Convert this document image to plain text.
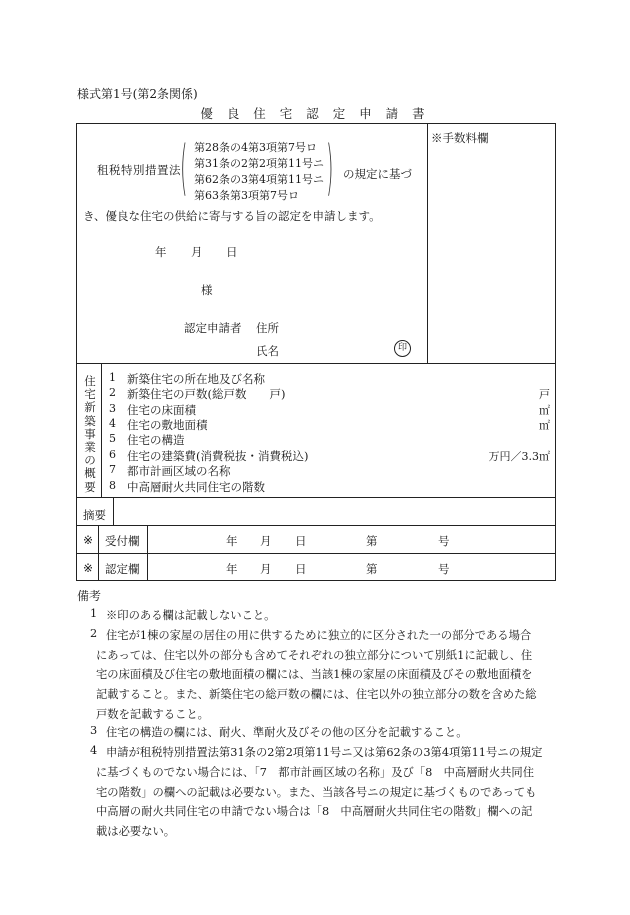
様式第1号(第2条関係)
優 良 住 宅 認 定 申 請 書
※手数料欄
租税特別措置法 ( 第28条の4第3項第7号ロ
第31条の2第2項第11号ニ
第62条の3第4項第11号ニ
第63条第3項第7号ロ ) の規定に基づ
き、優良な住宅の供給に寄与する旨の認定を申請します。
年 月 日
様
認定申請者 住所
氏名	印
住宅新築事業の概要
1 新築住宅の所在地及び名称
2 新築住宅の戸数(総戸数　　戸)	戸
3 住宅の床面積	㎡
4 住宅の敷地面積	㎡
5 住宅の構造
6 住宅の建築費(消費税抜・消費税込)	万円／3.3㎡
7 都市計画区域の名称
8 中高層耐火共同住宅の階数
摘要
※ 受付欄	年 月 日	第	号
※ 認定欄	年 月 日	第	号
備考
1 ※印のある欄は記載しないこと。
2 住宅が1棟の家屋の居住の用に供するために独立的に区分された一の部分である場合
にあっては、住宅以外の部分も含めてそれぞれの独立部分について別紙1に記載し、住
宅の床面積及び住宅の敷地面積の欄には、当該1棟の家屋の床面積及びその敷地面積を
記載すること。また、新築住宅の総戸数の欄には、住宅以外の独立部分の数を含めた総
戸数を記載すること。
3 住宅の構造の欄には、耐火、準耐火及びその他の区分を記載すること。
4 申請が租税特別措置法第31条の2第2項第11号ニ又は第62条の3第4項第11号ニの規定
に基づくものでない場合には、「7　都市計画区域の名称」及び「8　中高層耐火共同住
宅の階数」の欄への記載は必要ない。また、当該各号ニの規定に基づくものであっても
中高層の耐火共同住宅の申請でない場合は「8　中高層耐火共同住宅の階数」欄への記
載は必要ない。
